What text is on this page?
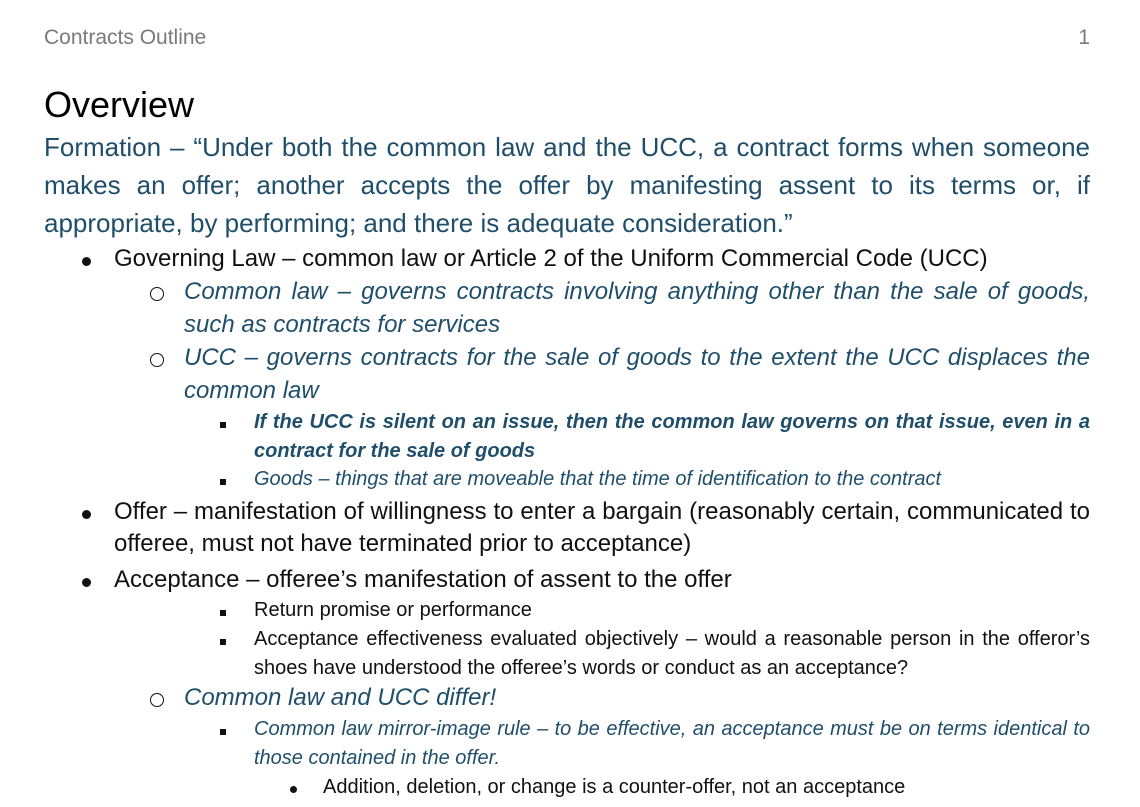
Contracts Outline	1
Overview

Formation – “Under both the common law and the UCC, a contract forms when someone makes an offer; another accepts the offer by manifesting assent to its terms or, if appropriate, by performing; and there is adequate consideration.”

Governing Law – common law or Article 2 of the Uniform Commercial Code (UCC)
Common law – governs contracts involving anything other than the sale of goods, such as contracts for services
UCC – governs contracts for the sale of goods to the extent the UCC displaces the common law
If the UCC is silent on an issue, then the common law governs on that issue, even in a contract for the sale of goods
Goods – things that are moveable that the time of identification to the contract
Offer – manifestation of willingness to enter a bargain (reasonably certain, communicated to offeree, must not have terminated prior to acceptance)
Acceptance – offeree’s manifestation of assent to the offer
Return promise or performance
Acceptance effectiveness evaluated objectively – would a reasonable person in the offeror’s shoes have understood the offeree’s words or conduct as an acceptance?
Common law and UCC differ!
Common law mirror-image rule – to be effective, an acceptance must be on terms identical to those contained in the offer.
Addition, deletion, or change is a counter-offer, not an acceptance
